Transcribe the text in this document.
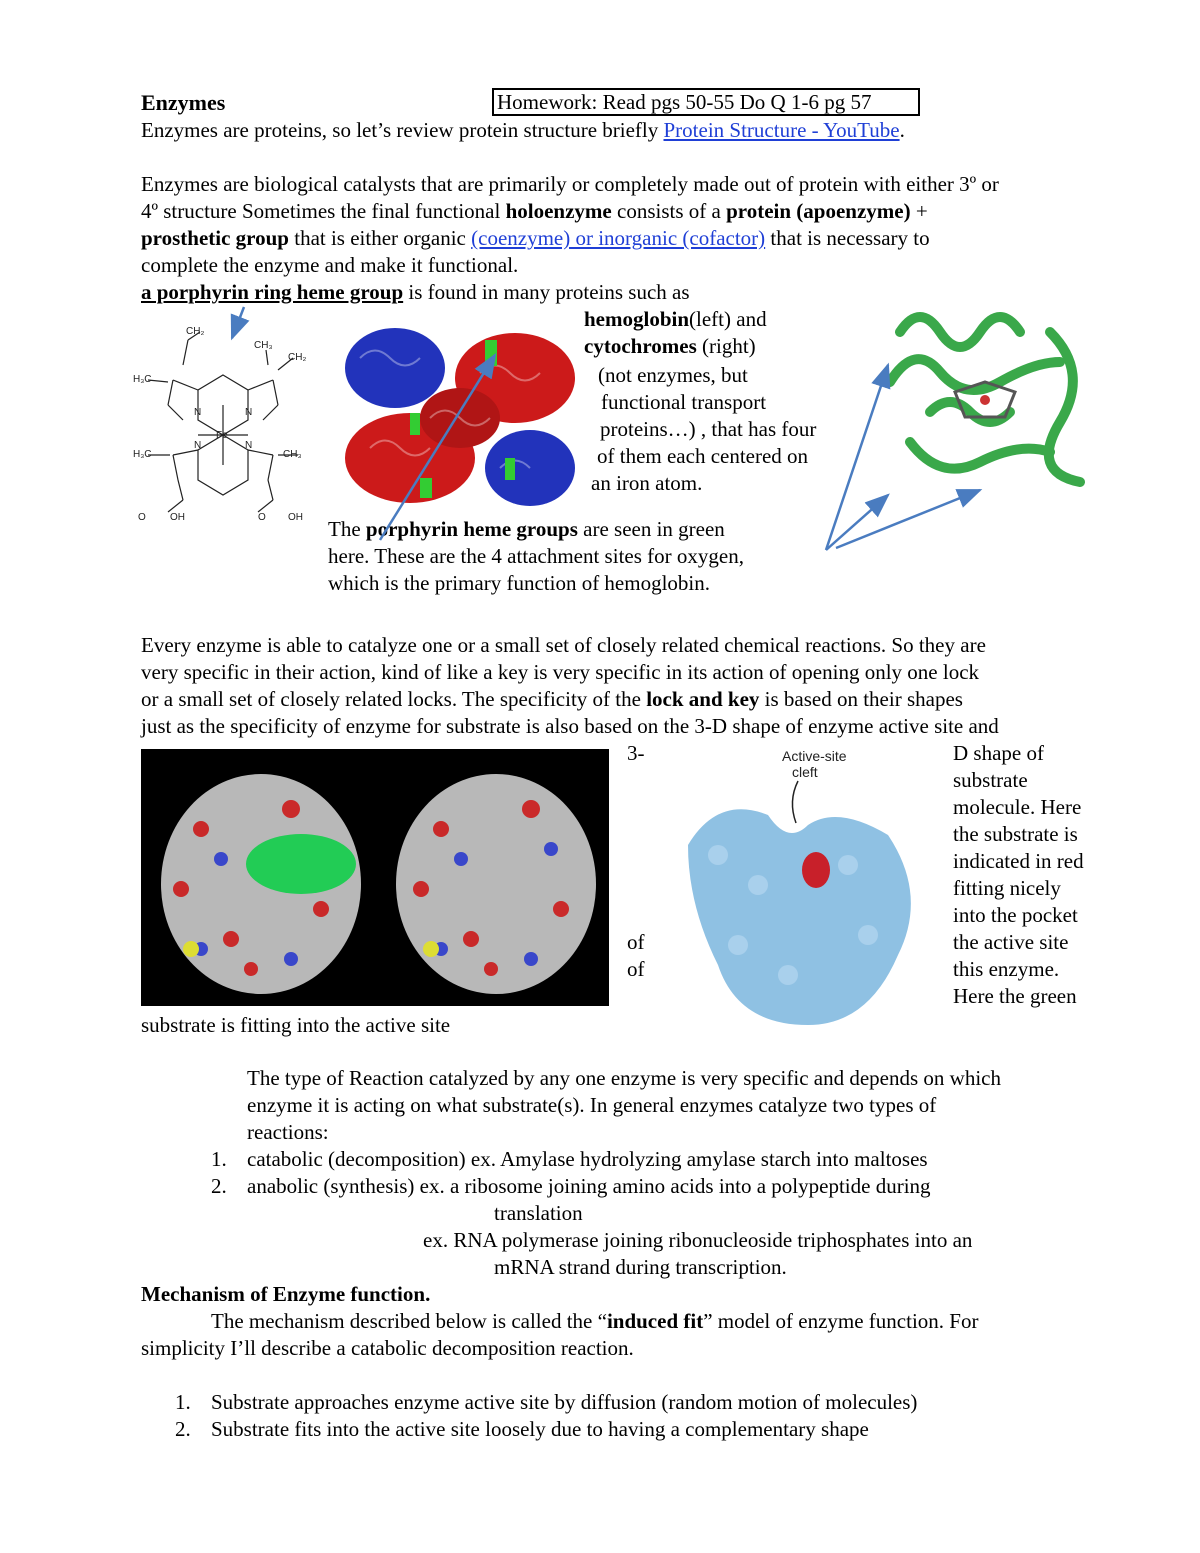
Enzymes	Homework: Read pgs 50-55 Do Q 1-6 pg 57
Enzymes are proteins, so let’s review protein structure briefly Protein Structure - YouTube.
Enzymes are biological catalysts that are primarily or completely made out of protein with either 3º or
4º structure Sometimes the final functional holoenzyme consists of a protein (apoenzyme) +
prosthetic group that is either organic (coenzyme) or inorganic (cofactor) that is necessary to
complete the enzyme and make it functional.
a porphyrin ring heme group is found in many proteins such as
CH₂
CH₃
CH₂
H₃C
H₃C	CH₃
N	N
N	N
Fe
O OH	O OH
hemoglobin(left) and
cytochromes (right)
(not enzymes, but
functional transport
proteins…) , that has four
of them each centered on
an iron atom.
The porphyrin heme groups are seen in green
here. These are the 4 attachment sites for oxygen,
which is the primary function of hemoglobin.
Every enzyme is able to catalyze one or a small set of closely related chemical reactions. So they are
very specific in their action, kind of like a key is very specific in its action of opening only one lock
or a small set of closely related locks. The specificity of the lock and key is based on their shapes
just as the specificity of enzyme for substrate is also based on the 3-D shape of enzyme active site and
3-
of
of
Active-site
cleft
D shape of
substrate
molecule. Here
the substrate is
indicated in red
fitting nicely
into the pocket
the active site
this enzyme.
Here the green
substrate is fitting into the active site
The type of Reaction catalyzed by any one enzyme is very specific and depends on which
enzyme it is acting on what substrate(s). In general enzymes catalyze two types of
reactions:
1. catabolic (decomposition) ex. Amylase hydrolyzing amylase starch into maltoses
2. anabolic (synthesis) ex. a ribosome joining amino acids into a polypeptide during
translation
ex. RNA polymerase joining ribonucleoside triphosphates into an
mRNA strand during transcription.
Mechanism of Enzyme function.
The mechanism described below is called the “induced fit” model of enzyme function. For
simplicity I’ll describe a catabolic decomposition reaction.
1. Substrate approaches enzyme active site by diffusion (random motion of molecules)
2. Substrate fits into the active site loosely due to having a complementary shape
